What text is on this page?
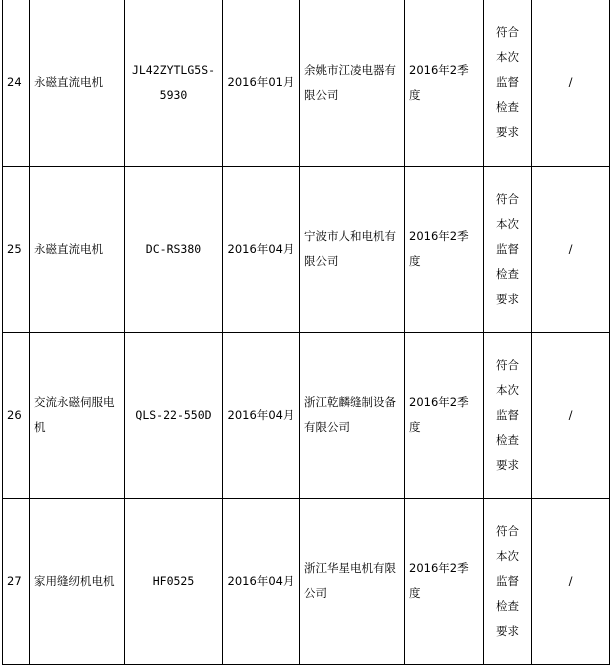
24	永磁直流电机	JL42ZYTLG5S-5930	2016年01月	余姚市江凌电器有限公司	2016年2季度	符合
本次
监督
检查
要求	/
25	永磁直流电机	DC-RS380	2016年04月	宁波市人和电机有限公司	2016年2季度	符合
本次
监督
检查
要求	/
26	交流永磁伺服电机	QLS-22-550D	2016年04月	浙江乾麟缝制设备有限公司	2016年2季度	符合
本次
监督
检查
要求	/
27	家用缝纫机电机	HF0525	2016年04月	浙江华星电机有限公司	2016年2季度	符合
本次
监督
检查
要求	/
